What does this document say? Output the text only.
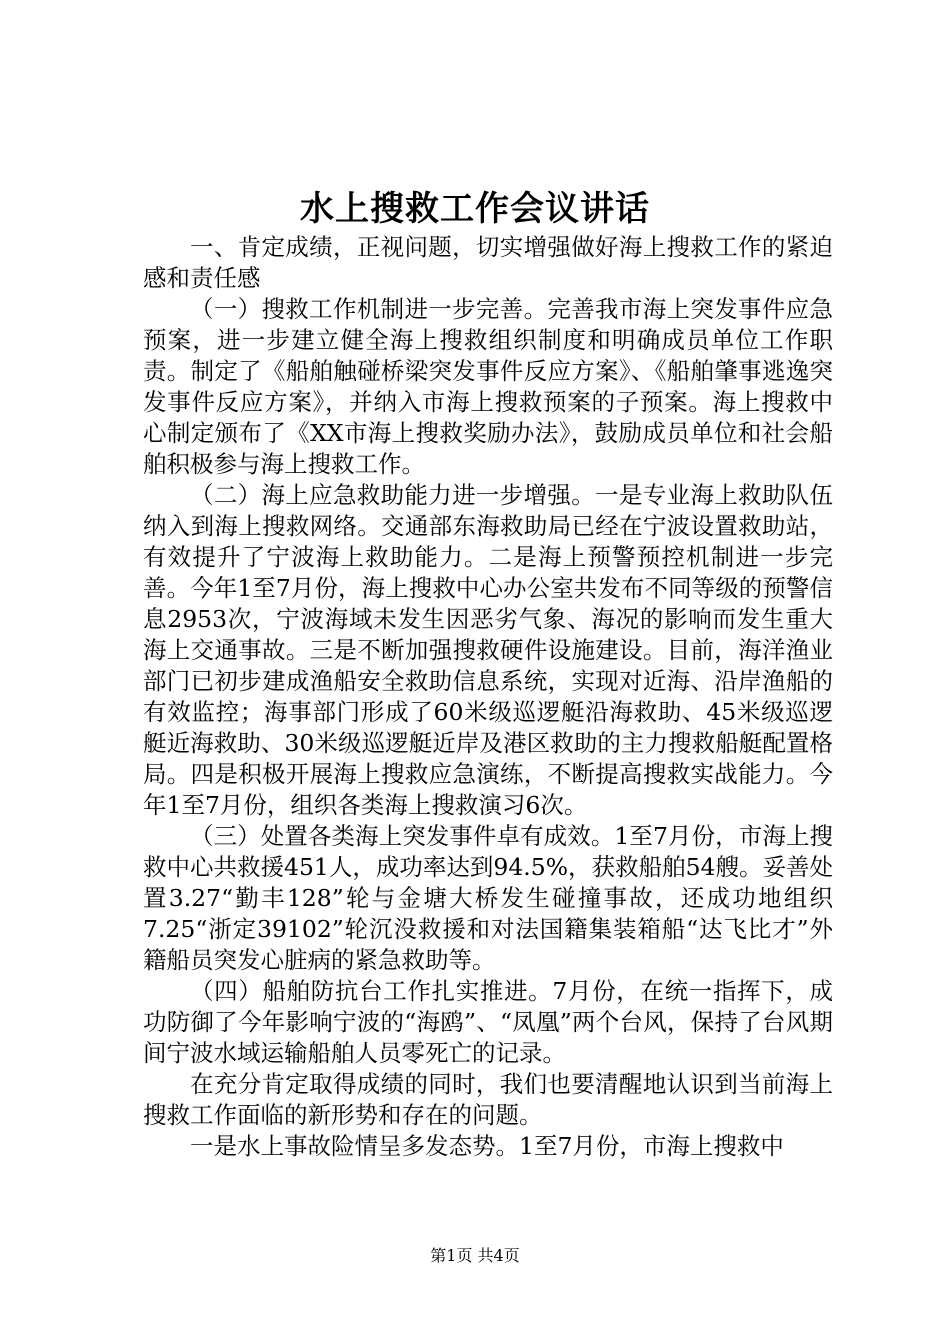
水上搜救工作会议讲话

一、肯定成绩，正视问题，切实增强做好海上搜救工作的紧迫感和责任感

（一）搜救工作机制进一步完善。完善我市海上突发事件应急预案，进一步建立健全海上搜救组织制度和明确成员单位工作职责。制定了《船舶触碰桥梁突发事件反应方案》、《船舶肇事逃逸突发事件反应方案》，并纳入市海上搜救预案的子预案。海上搜救中心制定颁布了《XX市海上搜救奖励办法》，鼓励成员单位和社会船舶积极参与海上搜救工作。

（二）海上应急救助能力进一步增强。一是专业海上救助队伍纳入到海上搜救网络。交通部东海救助局已经在宁波设置救助站，有效提升了宁波海上救助能力。二是海上预警预控机制进一步完善。今年1至7月份，海上搜救中心办公室共发布不同等级的预警信息2953次，宁波海域未发生因恶劣气象、海况的影响而发生重大海上交通事故。三是不断加强搜救硬件设施建设。目前，海洋渔业部门已初步建成渔船安全救助信息系统，实现对近海、沿岸渔船的有效监控；海事部门形成了60米级巡逻艇沿海救助、45米级巡逻艇近海救助、30米级巡逻艇近岸及港区救助的主力搜救船艇配置格局。四是积极开展海上搜救应急演练，不断提高搜救实战能力。今年1至7月份，组织各类海上搜救演习6次。

（三）处置各类海上突发事件卓有成效。1至7月份，市海上搜救中心共救援451人，成功率达到94.5%，获救船舶54艘。妥善处置3.27“勤丰128”轮与金塘大桥发生碰撞事故，还成功地组织7.25“浙定39102”轮沉没救援和对法国籍集装箱船“达飞比才”外籍船员突发心脏病的紧急救助等。

（四）船舶防抗台工作扎实推进。7月份，在统一指挥下，成功防御了今年影响宁波的“海鸥”、“凤凰”两个台风，保持了台风期间宁波水域运输船舶人员零死亡的记录。

在充分肯定取得成绩的同时，我们也要清醒地认识到当前海上搜救工作面临的新形势和存在的问题。

一是水上事故险情呈多发态势。1至7月份，市海上搜救中

第1页 共4页
